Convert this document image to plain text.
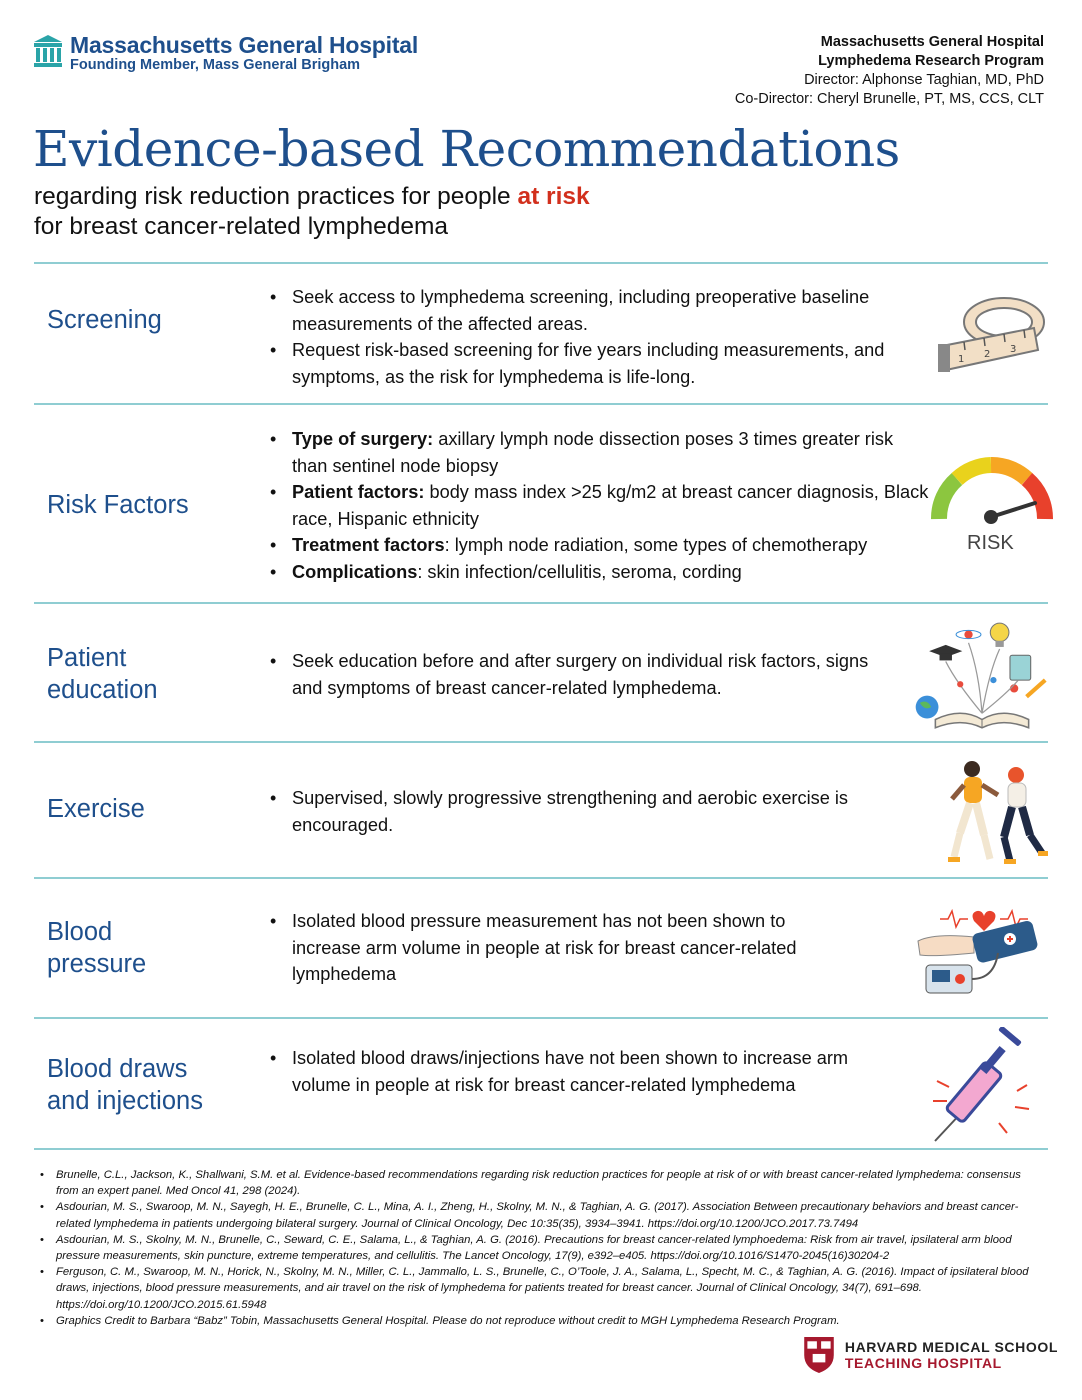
Massachusetts General Hospital
Founding Member, Mass General Brigham
Massachusetts General Hospital
Lymphedema Research Program
Director: Alphonse Taghian, MD, PhD
Co-Director: Cheryl Brunelle, PT, MS, CCS, CLT
Evidence-based Recommendations
regarding risk reduction practices for people at risk
for breast cancer-related lymphedema
Screening
• Seek access to lymphedema screening, including preoperative baseline measurements of the affected areas.
• Request risk-based screening for five years including measurements, and symptoms, as the risk for lymphedema is life-long.
1 2 3
Risk Factors
• Type of surgery: axillary lymph node dissection poses 3 times greater risk than sentinel node biopsy
• Patient factors: body mass index >25 kg/m2 at breast cancer diagnosis, Black race, Hispanic ethnicity
• Treatment factors: lymph node radiation, some types of chemotherapy
• Complications: skin infection/cellulitis, seroma, cording
RISK
Patient
education
• Seek education before and after surgery on individual risk factors, signs and symptoms of breast cancer-related lymphedema.
Exercise
•	Supervised, slowly progressive strengthening and aerobic exercise is encouraged.
Blood
pressure
• Isolated blood pressure measurement has not been shown to increase arm volume in people at risk for breast cancer-related lymphedema
Blood draws
and injections
• Isolated blood draws/injections have not been shown to increase arm volume in people at risk for breast cancer-related lymphedema
• Brunelle, C.L., Jackson, K., Shallwani, S.M. et al. Evidence-based recommendations regarding risk reduction practices for people at risk of or with breast cancer-related lymphedema: consensus from an expert panel. Med Oncol 41, 298 (2024).
• Asdourian, M. S., Swaroop, M. N., Sayegh, H. E., Brunelle, C. L., Mina, A. I., Zheng, H., Skolny, M. N., & Taghian, A. G. (2017). Association Between precautionary behaviors and breast cancer-related lymphedema in patients undergoing bilateral surgery. Journal of Clinical Oncology, Dec 10:35(35), 3934–3941. https://doi.org/10.1200/JCO.2017.73.7494
• Asdourian, M. S., Skolny, M. N., Brunelle, C., Seward, C. E., Salama, L., & Taghian, A. G. (2016). Precautions for breast cancer-related lymphoedema: Risk from air travel, ipsilateral arm blood pressure measurements, skin puncture, extreme temperatures, and cellulitis. The Lancet Oncology, 17(9), e392–e405. https://doi.org/10.1016/S1470-2045(16)30204-2
• Ferguson, C. M., Swaroop, M. N., Horick, N., Skolny, M. N., Miller, C. L., Jammallo, L. S., Brunelle, C., O’Toole, J. A., Salama, L., Specht, M. C., & Taghian, A. G. (2016). Impact of ipsilateral blood draws, injections, blood pressure measurements, and air travel on the risk of lymphedema for patients treated for breast cancer. Journal of Clinical Oncology, 34(7), 691–698. https://doi.org/10.1200/JCO.2015.61.5948
• Graphics Credit to Barbara “Babz” Tobin, Massachusetts General Hospital. Please do not reproduce without credit to MGH Lymphedema Research Program.
HARVARD MEDICAL SCHOOL
TEACHING HOSPITAL
